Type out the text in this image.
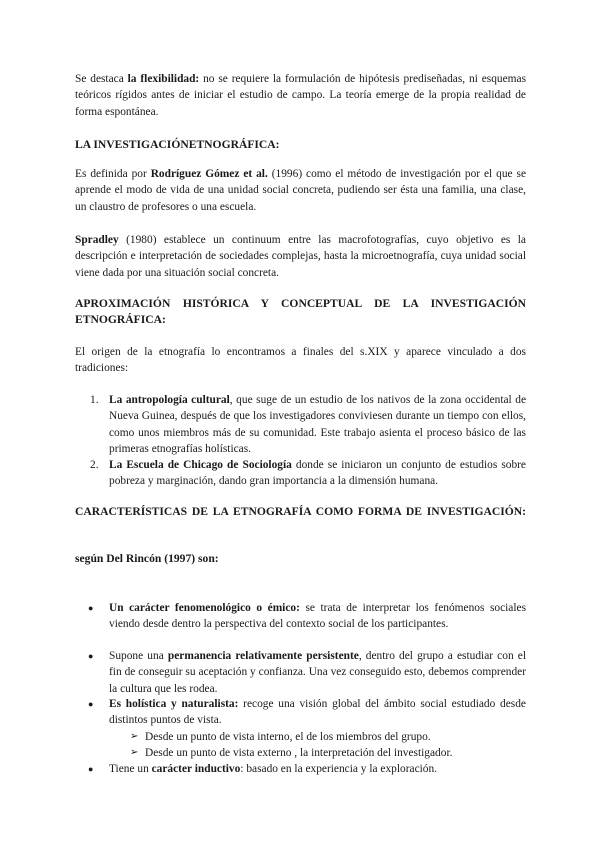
Se destaca la flexibilidad: no se requiere la formulación de hipótesis prediseñadas, ni esquemas teóricos rígidos antes de iniciar el estudio de campo. La teoría emerge de la propia realidad de forma espontánea.
LA INVESTIGACIÓNETNOGRÁFICA:
Es definida por Rodríguez Gómez et al. (1996) como el método de investigación por el que se aprende el modo de vida de una unidad social concreta, pudiendo ser ésta una familia, una clase, un claustro de profesores o una escuela.
Spradley (1980) establece un continuum entre las macrofotografías, cuyo objetivo es la descripción e interpretación de sociedades complejas, hasta la microetnografía, cuya unidad social viene dada por una situación social concreta.
APROXIMACIÓN HISTÓRICA Y CONCEPTUAL DE LA INVESTIGACIÓN ETNOGRÁFICA:
El origen de la etnografía lo encontramos a finales del s.XIX y aparece vinculado a dos tradiciones:
1. La antropología cultural, que suge de un estudio de los nativos de la zona occidental de Nueva Guinea, después de que los investigadores conviviesen durante un tiempo con ellos, como unos miembros más de su comunidad. Este trabajo asienta el proceso básico de las primeras etnografías holísticas.
2. La Escuela de Chicago de Sociología donde se iniciaron un conjunto de estudios sobre pobreza y marginación, dando gran importancia a la dimensión humana.
CARACTERÍSTICAS DE LA ETNOGRAFÍA COMO FORMA DE INVESTIGACIÓN:
según Del Rincón (1997) son:
● Un carácter fenomenológico o émico: se trata de interpretar los fenómenos sociales viendo desde dentro la perspectiva del contexto social de los participantes.
● Supone una permanencia relativamente persistente, dentro del grupo a estudiar con el fin de conseguir su aceptación y confianza. Una vez conseguido esto, debemos comprender la cultura que les rodea.
● Es holística y naturalista: recoge una visión global del ámbito social estudiado desde distintos puntos de vista.
➢ Desde un punto de vista interno, el de los miembros del grupo.
➢ Desde un punto de vista externo , la interpretación del investigador.
● Tiene un carácter inductivo: basado en la experiencia y la exploración.
